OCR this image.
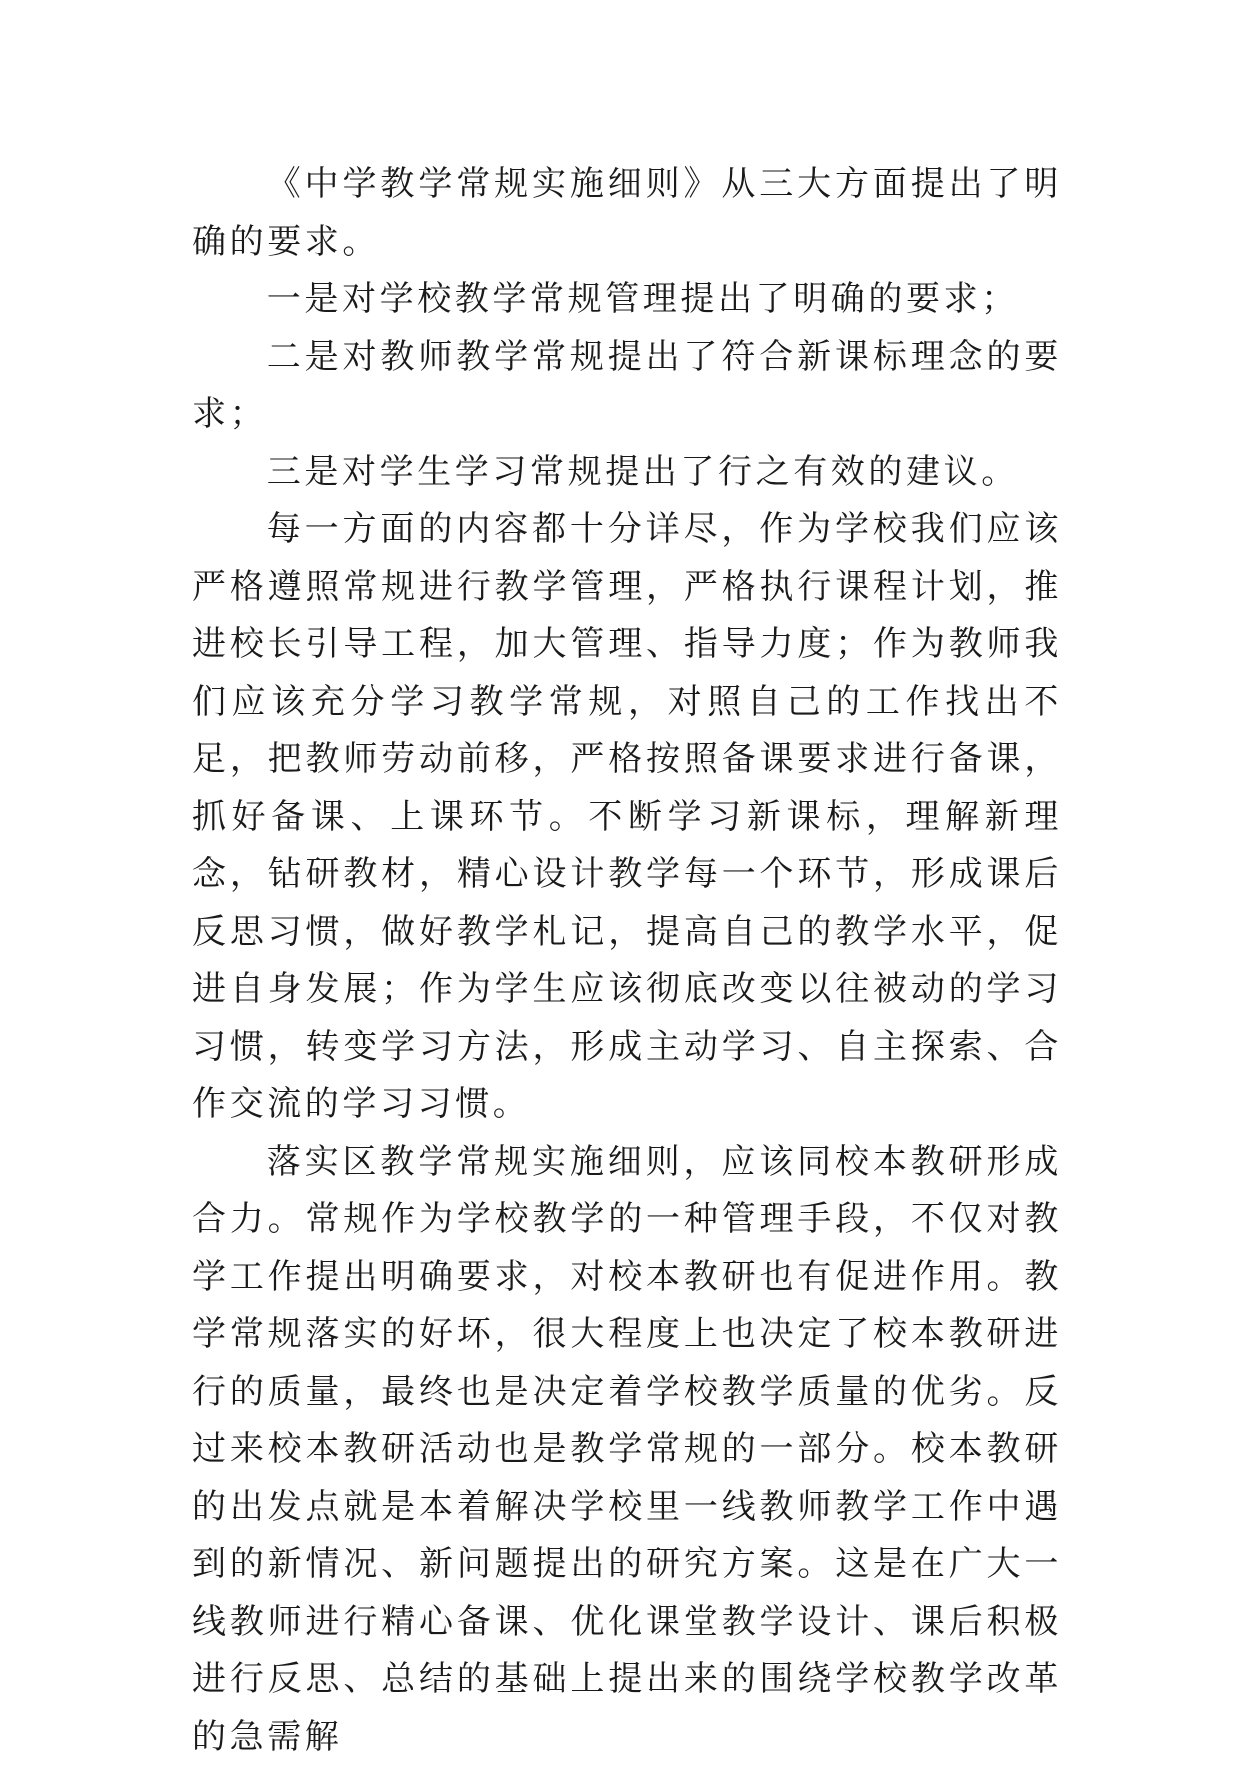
《中学教学常规实施细则》从三大方面提出了明确的要求。

一是对学校教学常规管理提出了明确的要求；

二是对教师教学常规提出了符合新课标理念的要求；

三是对学生学习常规提出了行之有效的建议。

每一方面的内容都十分详尽，作为学校我们应该严格遵照常规进行教学管理，严格执行课程计划，推进校长引导工程，加大管理、指导力度；作为教师我们应该充分学习教学常规，对照自己的工作找出不足，把教师劳动前移，严格按照备课要求进行备课，抓好备课、上课环节。不断学习新课标，理解新理念，钻研教材，精心设计教学每一个环节，形成课后反思习惯，做好教学札记，提高自己的教学水平，促进自身发展；作为学生应该彻底改变以往被动的学习习惯，转变学习方法，形成主动学习、自主探索、合作交流的学习习惯。

落实区教学常规实施细则，应该同校本教研形成合力。常规作为学校教学的一种管理手段，不仅对教学工作提出明确要求，对校本教研也有促进作用。教学常规落实的好坏，很大程度上也决定了校本教研进行的质量，最终也是决定着学校教学质量的优劣。反过来校本教研活动也是教学常规的一部分。校本教研的出发点就是本着解决学校里一线教师教学工作中遇到的新情况、新问题提出的研究方案。这是在广大一线教师进行精心备课、优化课堂教学设计、课后积极进行反思、总结的基础上提出来的围绕学校教学改革的急需解
